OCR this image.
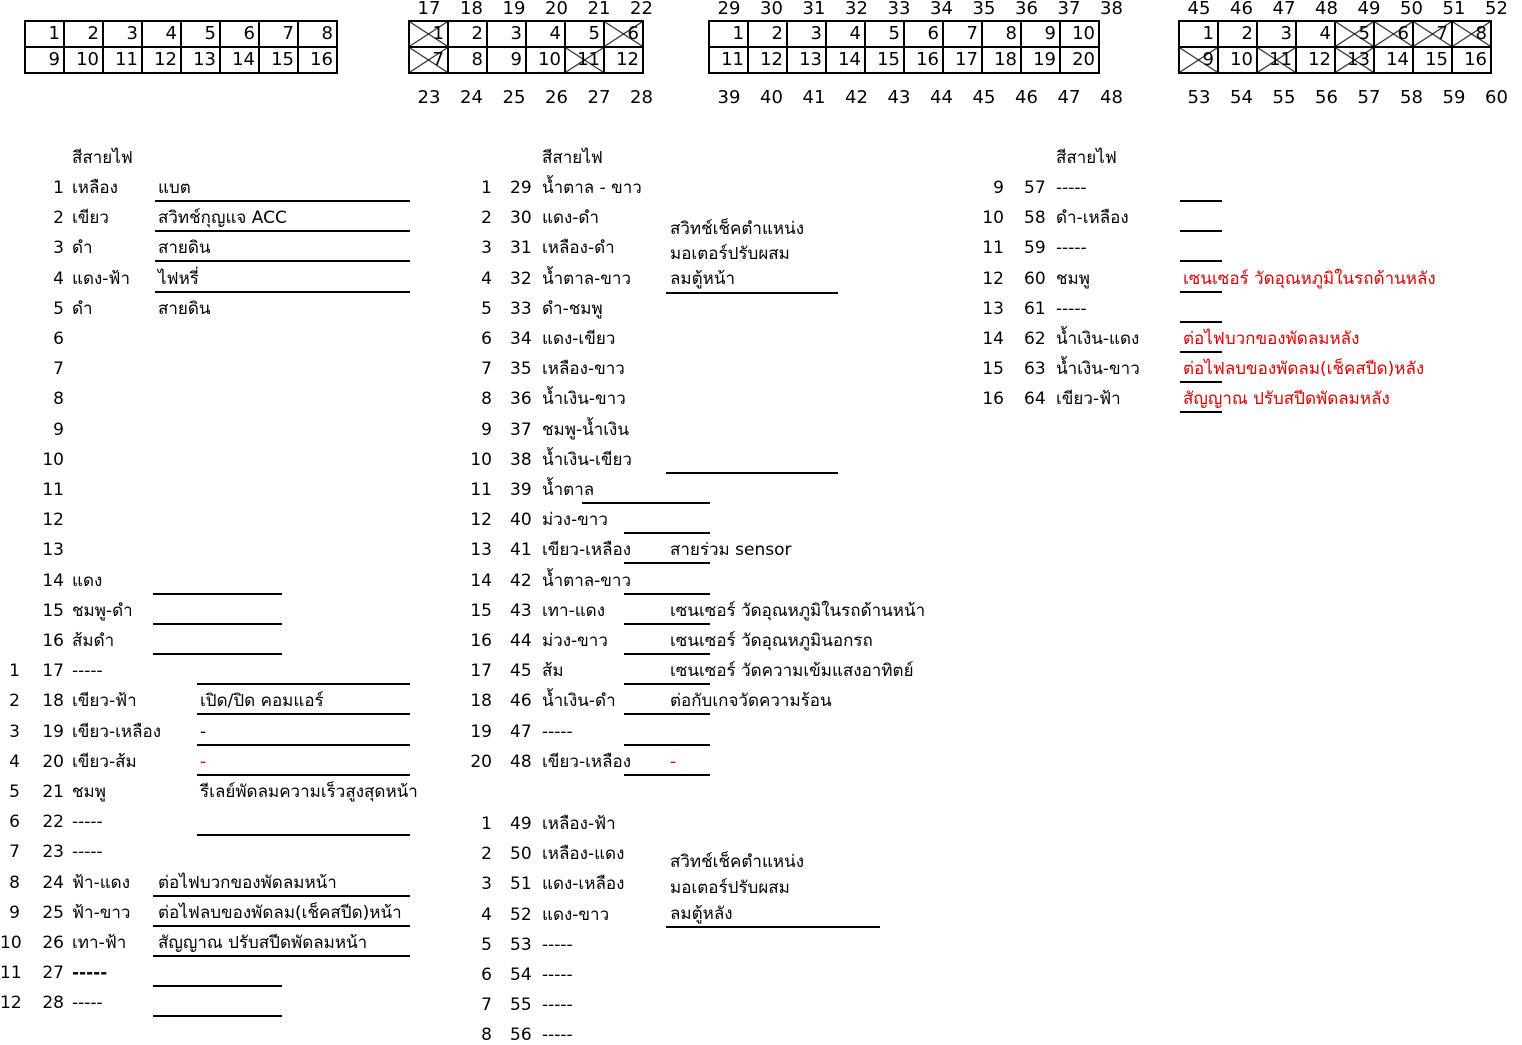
1	2	3	4	5	6	7	8
9	10	11	12	13	14	15	16
1	2	3	4	5	6
7	8	9	10	11	12
17 18 19 20 21 22
23 24 25 26 27 28
1	2	3	4	5	6	7	8	9	10
11	12	13	14	15	16	17	18	19	20
29 30 31 32 33 34 35 36 37 38
39 40 41 42 43 44 45 46 47 48
1	2	3	4	5	6	7	8
9	10	11	12	13	14	15	16
45 46 47 48 49 50 51 52
53 54 55 56 57 58 59 60
สีสายไฟ	สีสายไฟ	สีสายไฟ
1 เหลือง แบต
2 เขียว	สวิทช์กุญแจ ACC
3 ดำ	สายดิน
4 แดง-ฟ้า ไฟหรี่
5 ดำ	สายดิน
6
7
8
9
10
11
12
13
14 แดง
15 ชมพู-ดำ
16 ส้มดำ
1	17 -----
2	18 เขียว-ฟ้า	เปิด/ปิด คอมแอร์
3	19 เขียว-เหลือง -
4	20 เขียว-ส้ม	-
5	21 ชมพู	รีเลย์พัดลมความเร็วสูงสุดหน้า
6	22 -----
7	23 -----
8	24 ฟ้า-แดง ต่อไฟบวกของพัดลมหน้า
9	25 ฟ้า-ขาว ต่อไฟลบของพัดลม(เช็คสปีด)หน้า
10	26 เทา-ฟ้า สัญญาณ ปรับสปีดพัดลมหน้า
11	27 -----
12	28 -----
1 29 น้ำตาล - ขาว
2 30 แดง-ดำ
3 31 เหลือง-ดำ
4 32 น้ำตาล-ขาว
5 33 ดำ-ชมพู
6 34 แดง-เขียว
7 35 เหลือง-ขาว
8 36 น้ำเงิน-ขาว
9 37 ชมพู-น้ำเงิน
10 38 น้ำเงิน-เขียว
11 39 น้ำตาล
12 40 ม่วง-ขาว
13 41 เขียว-เหลือง สายร่วม sensor
14 42 น้ำตาล-ขาว
15 43 เทา-แดง	เซนเซอร์ วัดอุณหภูมิในรถด้านหน้า
16 44 ม่วง-ขาว	เซนเซอร์ วัดอุณหภูมินอกรถ
17 45 ส้ม	เซนเซอร์ วัดความเข้มแสงอาทิตย์
18 46 น้ำเงิน-ดำ	ต่อกับเกจวัดความร้อน
19 47 -----
20 48 เขียว-เหลือง -
สวิทช์เช็คตำแหน่ง
มอเตอร์ปรับผสม
ลมตู้หน้า
1 49 เหลือง-ฟ้า
2 50 เหลือง-แดง
3 51 แดง-เหลือง
4 52 แดง-ขาว
5 53 -----
6 54 -----
7 55 -----
8 56 -----
สวิทช์เช็คตำแหน่ง
มอเตอร์ปรับผสม
ลมตู้หลัง
9 57 -----
10 58 ดำ-เหลือง
11 59 -----
12 60 ชมพู	เซนเซอร์ วัดอุณหภูมิในรถด้านหลัง
13 61 -----
14 62 น้ำเงิน-แดง	ต่อไฟบวกของพัดลมหลัง
15 63 น้ำเงิน-ขาว	ต่อไฟลบของพัดลม(เช็คสปีด)หลัง
16 64 เขียว-ฟ้า	สัญญาณ ปรับสปีดพัดลมหลัง
